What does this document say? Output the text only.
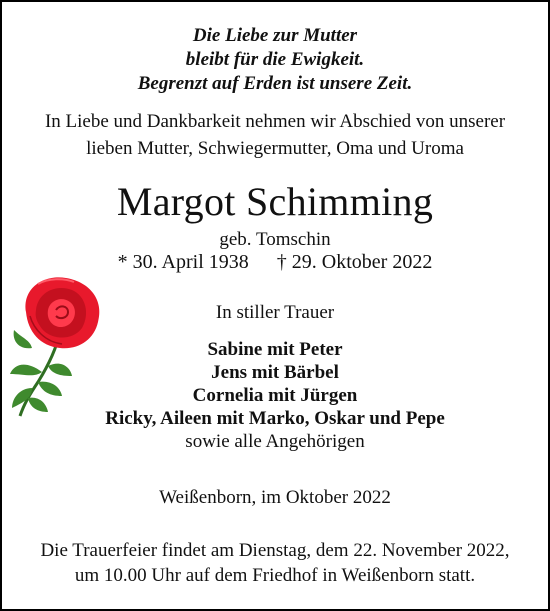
Die Liebe zur Mutter
bleibt für die Ewigkeit.
Begrenzt auf Erden ist unsere Zeit.
In Liebe und Dankbarkeit nehmen wir Abschied von unserer
lieben Mutter, Schwiegermutter, Oma und Uroma
Margot Schimming
geb. Tomschin
* 30. April 1938 † 29. Oktober 2022
In stiller Trauer
Sabine mit Peter
Jens mit Bärbel
Cornelia mit Jürgen
Ricky, Aileen mit Marko, Oskar und Pepe
sowie alle Angehörigen
Weißenborn, im Oktober 2022
Die Trauerfeier findet am Dienstag, dem 22. November 2022,
um 10.00 Uhr auf dem Friedhof in Weißenborn statt.
